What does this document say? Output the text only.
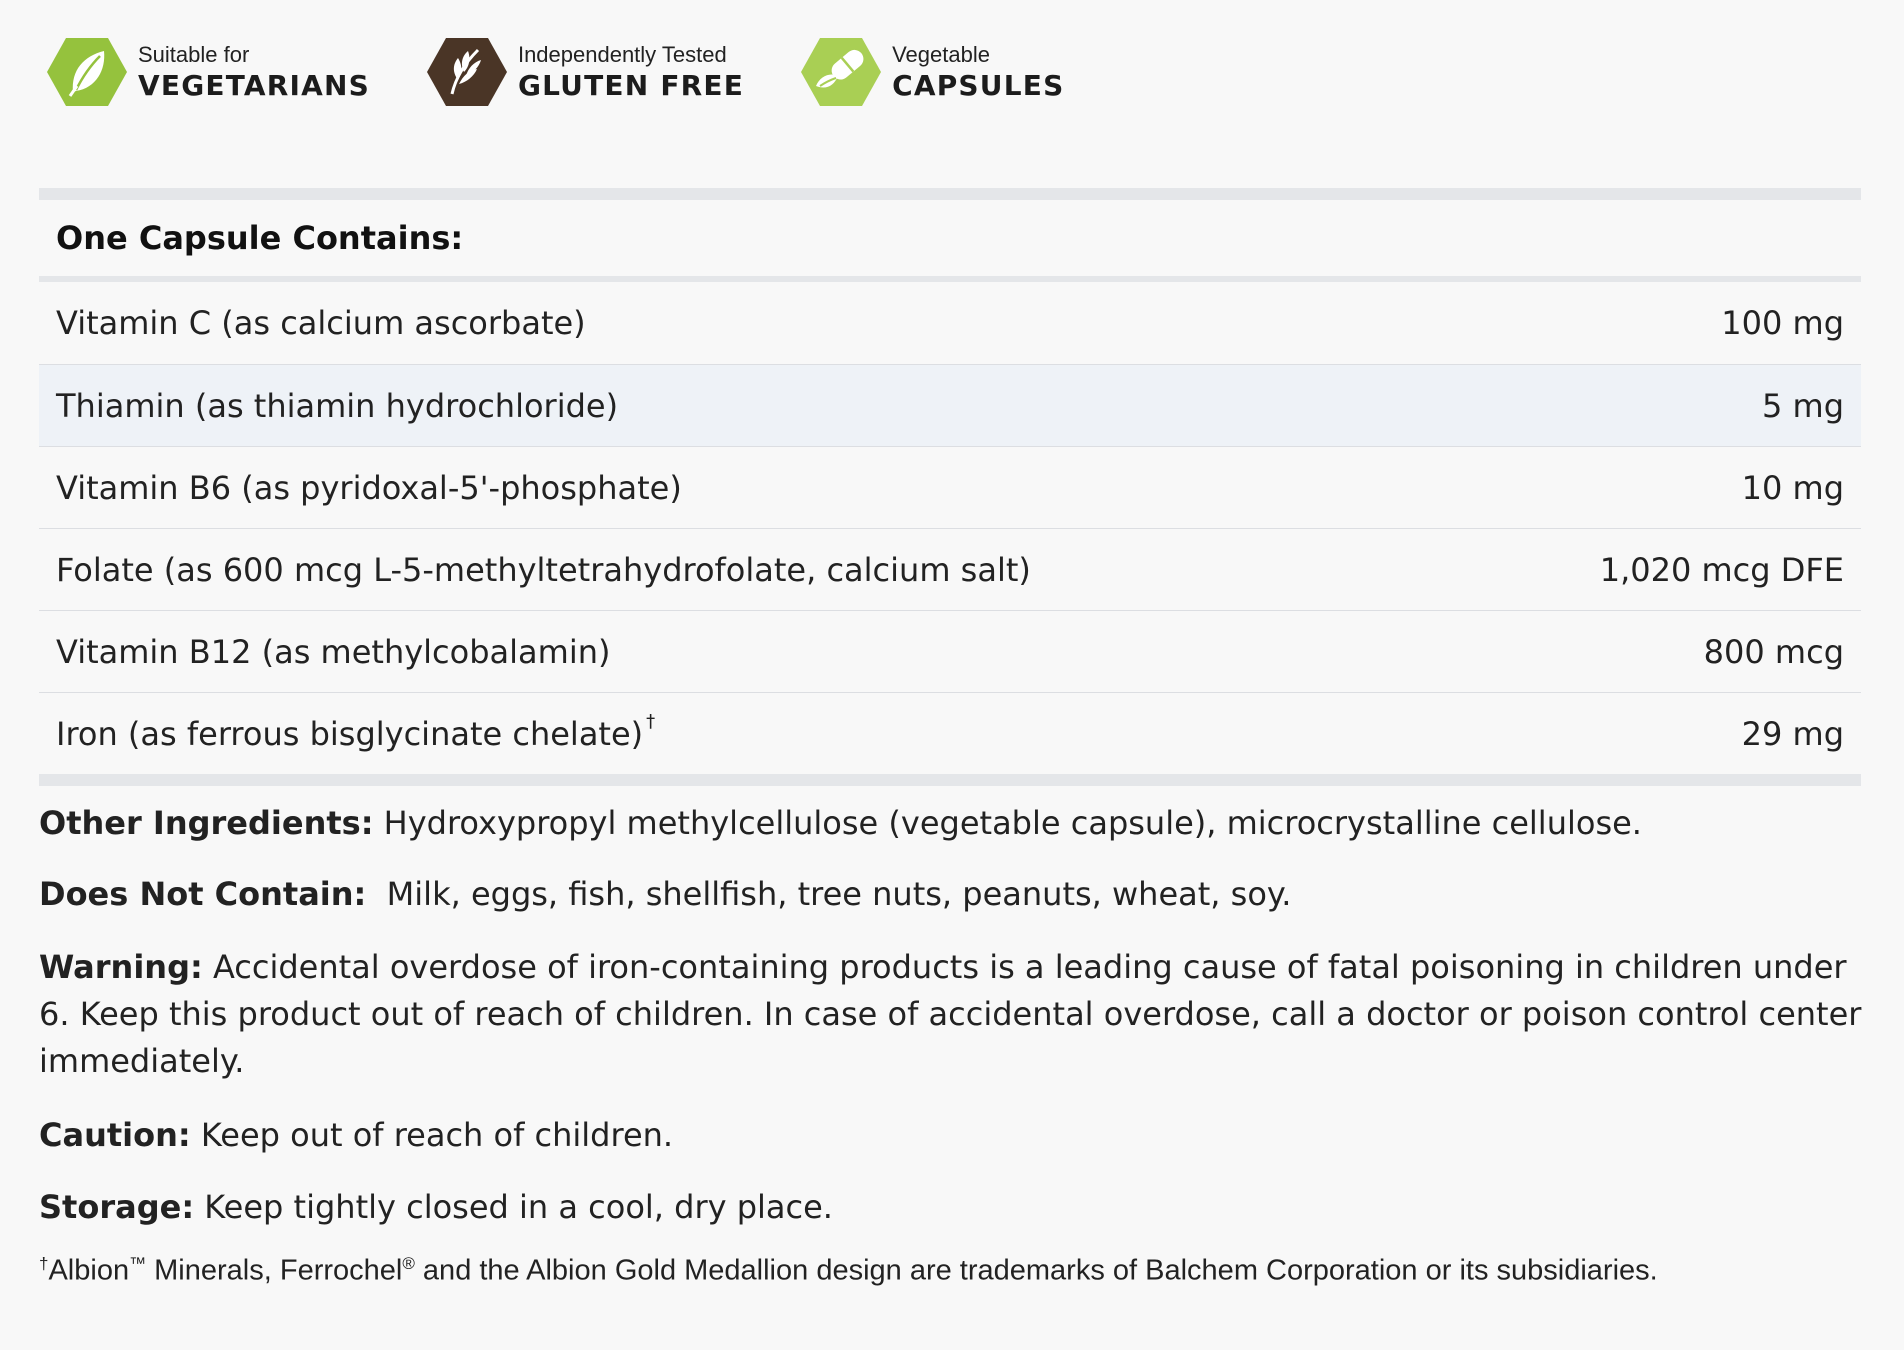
Suitable for
VEGETARIANS
Independently Tested
GLUTEN FREE
Vegetable
CAPSULES
One Capsule Contains:
Vitamin C (as calcium ascorbate)	100 mg
Thiamin (as thiamin hydrochloride)	5 mg
Vitamin B6 (as pyridoxal-5'-phosphate)	10 mg
Folate (as 600 mcg L-5-methyltetrahydrofolate, calcium salt)	1,020 mcg DFE
Vitamin B12 (as methylcobalamin)	800 mcg
Iron (as ferrous bisglycinate chelate) †	29 mg
Other Ingredients: Hydroxypropyl methylcellulose (vegetable capsule), microcrystalline cellulose.
Does Not Contain:  Milk, eggs, fish, shellfish, tree nuts, peanuts, wheat, soy.
Warning: Accidental overdose of iron-containing products is a leading cause of fatal poisoning in children under 6. Keep this product out of reach of children. In case of accidental overdose, call a doctor or poison control center immediately.
Caution: Keep out of reach of children.
Storage: Keep tightly closed in a cool, dry place.
†Albion™ Minerals, Ferrochel® and the Albion Gold Medallion design are trademarks of Balchem Corporation or its subsidiaries.
